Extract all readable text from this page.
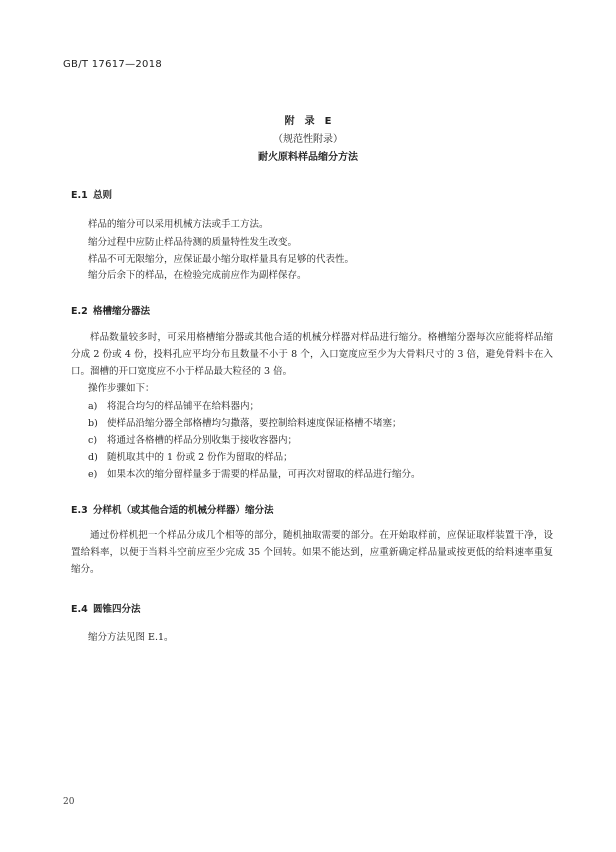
GB/T 17617—2018
附　录　E
（规范性附录）
耐火原料样品缩分方法
E.1 总则
样品的缩分可以采用机械方法或手工方法。
缩分过程中应防止样品待测的质量特性发生改变。
样品不可无限缩分，应保证最小缩分取样量具有足够的代表性。
缩分后余下的样品，在检验完成前应作为副样保存。
E.2 格槽缩分器法
样品数量较多时，可采用格槽缩分器或其他合适的机械分样器对样品进行缩分。格槽缩分器每次应能将样品缩分成 2 份或 4 份，投料孔应平均分布且数量不小于 8 个，入口宽度应至少为大骨料尺寸的 3 倍，避免骨料卡在入口。溜槽的开口宽度应不小于样品最大粒径的 3 倍。
操作步骤如下：
a) 将混合均匀的样品铺平在给料器内；
b) 使样品沿缩分器全部格槽均匀撒落，要控制给料速度保证格槽不堵塞；
c) 将通过各格槽的样品分别收集于接收容器内；
d) 随机取其中的 1 份或 2 份作为留取的样品；
e) 如果本次的缩分留样量多于需要的样品量，可再次对留取的样品进行缩分。
E.3 分样机（或其他合适的机械分样器）缩分法
通过份样机把一个样品分成几个相等的部分，随机抽取需要的部分。在开始取样前，应保证取样装置干净，设置给料率，以便于当料斗空前应至少完成 35 个回转。如果不能达到，应重新确定样品量或按更低的给料速率重复缩分。
E.4 圆锥四分法
缩分方法见图 E.1。
20
